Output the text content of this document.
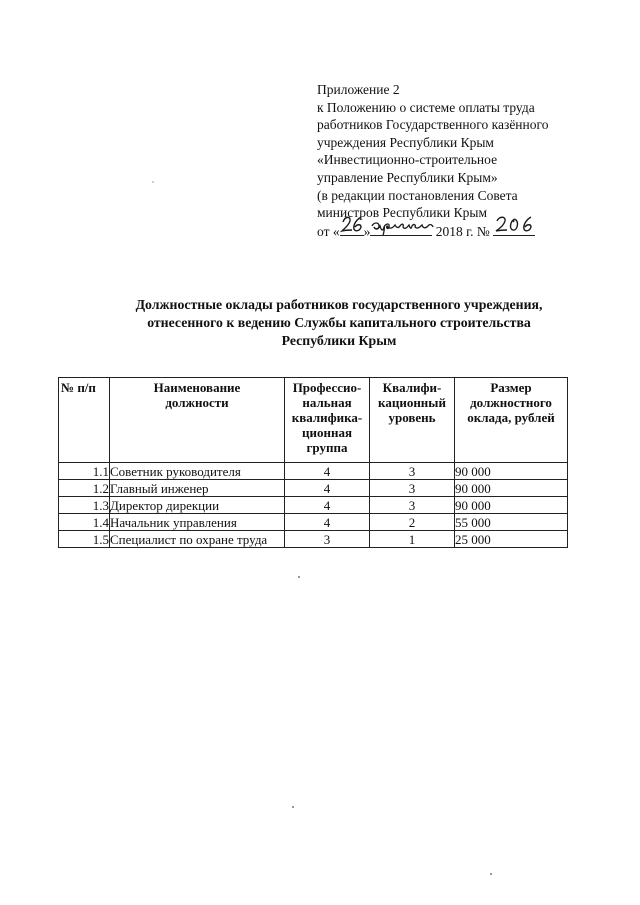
Приложение 2
к Положению о системе оплаты труда
работников Государственного казённого
учреждения Республики Крым
«Инвестиционно-строительное
управление Республики Крым»
(в редакции постановления Совета
министров Республики Крым
от « »	2018 г. №
Должностные оклады работников государственного учреждения,
отнесенного к ведению Службы капитального строительства
Республики Крым
№ п/п	Наименование должности	Профессио-нальная квалифика-ционная группа	Квалифи-кационный уровень	Размер должностного оклада, рублей

1.1	Советник руководителя	4	3	90 000
1.2	Главный инженер	4	3	90 000
1.3	Директор дирекции	4	3	90 000
1.4	Начальник управления	4	2	55 000
1.5	Специалист по охране труда	3	1	25 000
